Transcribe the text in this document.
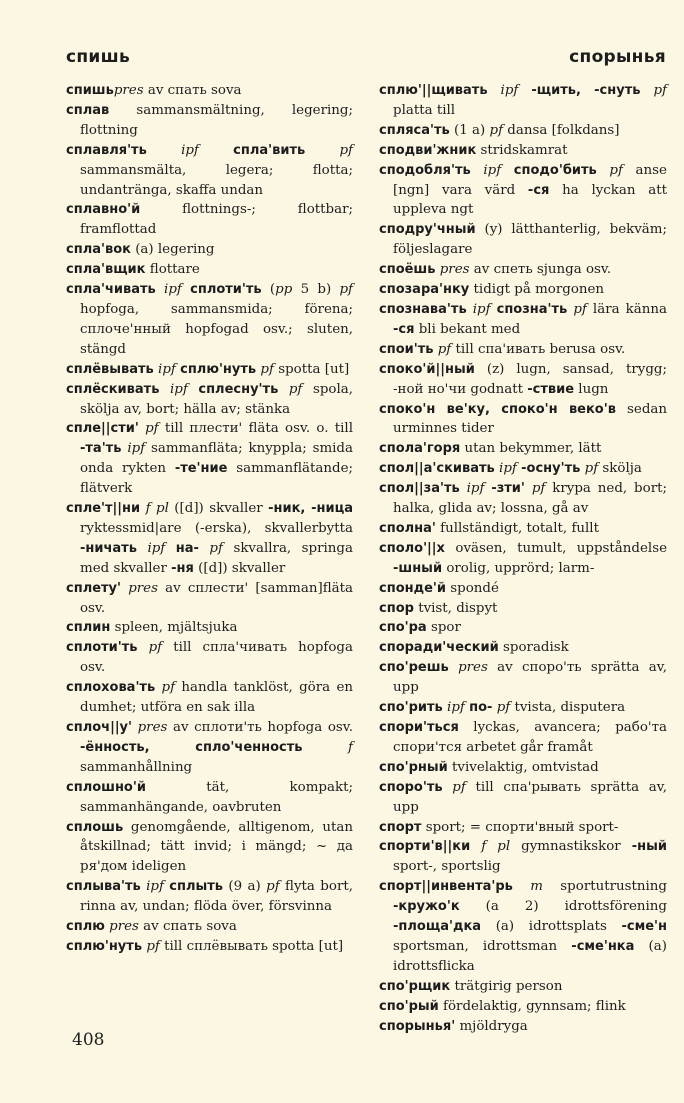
спишь	спорынья

спишьpres av спать sova

сплав sammansmältning, legering; flottning

сплавля'ть	ipf	спла'вить	pf sammansmälta, legera; flotta; undantränga, skaffa undan

сплавно'й flottnings-; flottbar; framflottad

спла'вок (a) legering

спла'вщик flottare

спла'чивать ipf сплоти'ть (pp 5 b) pf hopfoga, sammansmida; förena; сплоче'нный hopfogad osv.; sluten, stängd

сплёвывать ipf сплю'нуть pf spotta [ut]

сплёскивать ipf сплесну'ть pf spola, skölja av, bort; hälla av; stänka

спле||сти' pf till плести' fläta osv. o. till -та'ть ipf sammanfläta; knyppla; smida onda rykten -те'ние sammanflätande; flätverk

спле'т||ни f pl ([d]) skvaller -ник, -ница ryktessmid|are (-erska), skvallerbytta -ничать ipf на- pf skvallra, springa med skvaller -ня ([d]) skvaller

сплету' pres av сплести' [samman]fläta osv.

сплин spleen, mjältsjuka

сплоти'ть pf till спла'чивать hopfoga osv.

сплохова'ть pf handla tanklöst, göra en dumhet; utföra en sak illa

сплоч||у' pres av сплоти'ть hopfoga osv. -ённость, спло'ченность	f sammanhållning

сплошно'й tät, kompakt; sammanhängande, oavbruten

сплошь genomgående, alltigenom, utan åtskillnad; tätt invid; i mängd; ~ да ря'дом ideligen

сплыва'ть ipf сплыть (9 a) pf flyta bort, rinna av, undan; flöda över, försvinna

сплю pres av спать sova

сплю'нуть pf till сплёвывать spotta [ut]

сплю'||щивать ipf -щить, -снуть pf platta till

спляса'ть (1 a) pf dansa [folkdans]

сподви'жник stridskamrat

сподобля'ть ipf сподо'бить pf anse [ngn] vara värd -ся ha lyckan att uppleva ngt

сподру'чный (y) lätthanterlig, bekväm; följeslagare

споёшь pres av спеть sjunga osv.

спозара'нку tidigt på morgonen

спознава'ть ipf спозна'ть pf lära känna -ся bli bekant med

спои'ть pf till спа'ивать berusa osv.

споко'й||ный (z) lugn, sansad, trygg; -ной но'чи godnatt -ствие lugn

споко'н ве'ку, споко'н веко'в sedan urminnes tider

спола'горя utan bekymmer, lätt

спол||а'скивать ipf -осну'ть pf skölja

спол||за'ть ipf -зти' pf krypa ned, bort; halka, glida av; lossna, gå av

сполна' fullständigt, totalt, fullt

споло'||х oväsen, tumult, uppståndelse -шный orolig, upprörd; larm-

спонде'й spondé

спор tvist, dispyt

спо'ра spor

споради'ческий sporadisk

спо'решь pres av споро'ть sprätta av, upp

спо'рить ipf по- pf tvista, disputera

спори'ться lyckas, avancera; рабо'та спори'тся arbetet går framåt

спо'рный tvivelaktig, omtvistad

споро'ть pf till спа'рывать sprätta av, upp

спорт sport; = спорти'вный sport-

спорти'в||ки f pl gymnastikskor -ный sport-, sportslig

спорт||инвента'рь m sportutrustning -кружо'к (a 2) idrottsförening -площа'дка (a) idrottsplats -сме'н sportsman, idrottsman -сме'нка (a) idrottsflicka

спо'рщик trätgirig person

спо'рый fördelaktig, gynnsam; flink

спорынья' mjöldryga

408
